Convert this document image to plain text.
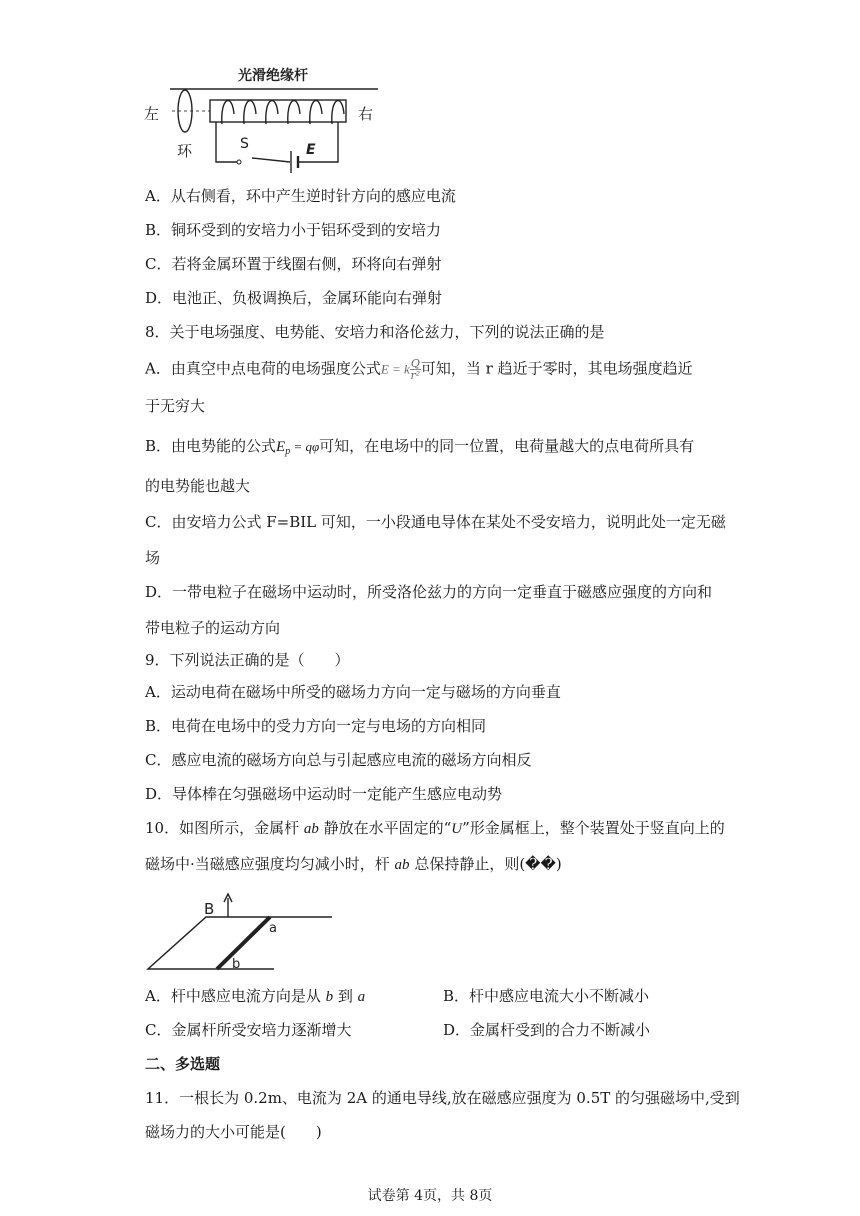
光滑绝缘杆
左	右
环	S	E
A．从右侧看，环中产生逆时针方向的感应电流
B．铜环受到的安培力小于铝环受到的安培力
C．若将金属环置于线圈右侧，环将向右弹射
D．电池正、负极调换后，金属环能向右弹射
8．关于电场强度、电势能、安培力和洛伦兹力，下列的说法正确的是
A．由真空中点电荷的电场强度公式E = k $\frac{Q}{\text{r²}}$ 可知，当 r 趋近于零时，其电场强度趋近
于无穷大
B．由电势能的公式$E_p = q\varphi$可知，在电场中的同一位置，电荷量越大的点电荷所具有
的电势能也越大
C．由安培力公式 F=BIL 可知，一小段通电导体在某处不受安培力，说明此处一定无磁
场
D．一带电粒子在磁场中运动时，所受洛伦兹力的方向一定垂直于磁感应强度的方向和
带电粒子的运动方向
9．下列说法正确的是（　　）
A．运动电荷在磁场中所受的磁场力方向一定与磁场的方向垂直
B．电荷在电场中的受力方向一定与电场的方向相同
C．感应电流的磁场方向总与引起感应电流的磁场方向相反
D．导体棒在匀强磁场中运动时一定能产生感应电动势
10．如图所示，金属杆 ab 静放在水平固定的“U”形金属框上，整个装置处于竖直向上的
磁场中·当磁感应强度均匀减小时，杆 ab 总保持静止，则(��)
B
a
b
A．杆中感应电流方向是从 b 到 a	B．杆中感应电流大小不断减小
C．金属杆所受安培力逐渐增大	D．金属杆受到的合力不断减小
二、多选题
11．一根长为 0.2m、电流为 2A 的通电导线,放在磁感应强度为 0.5T 的匀强磁场中,受到
磁场力的大小可能是(　　)
试卷第 4页，共 8页
